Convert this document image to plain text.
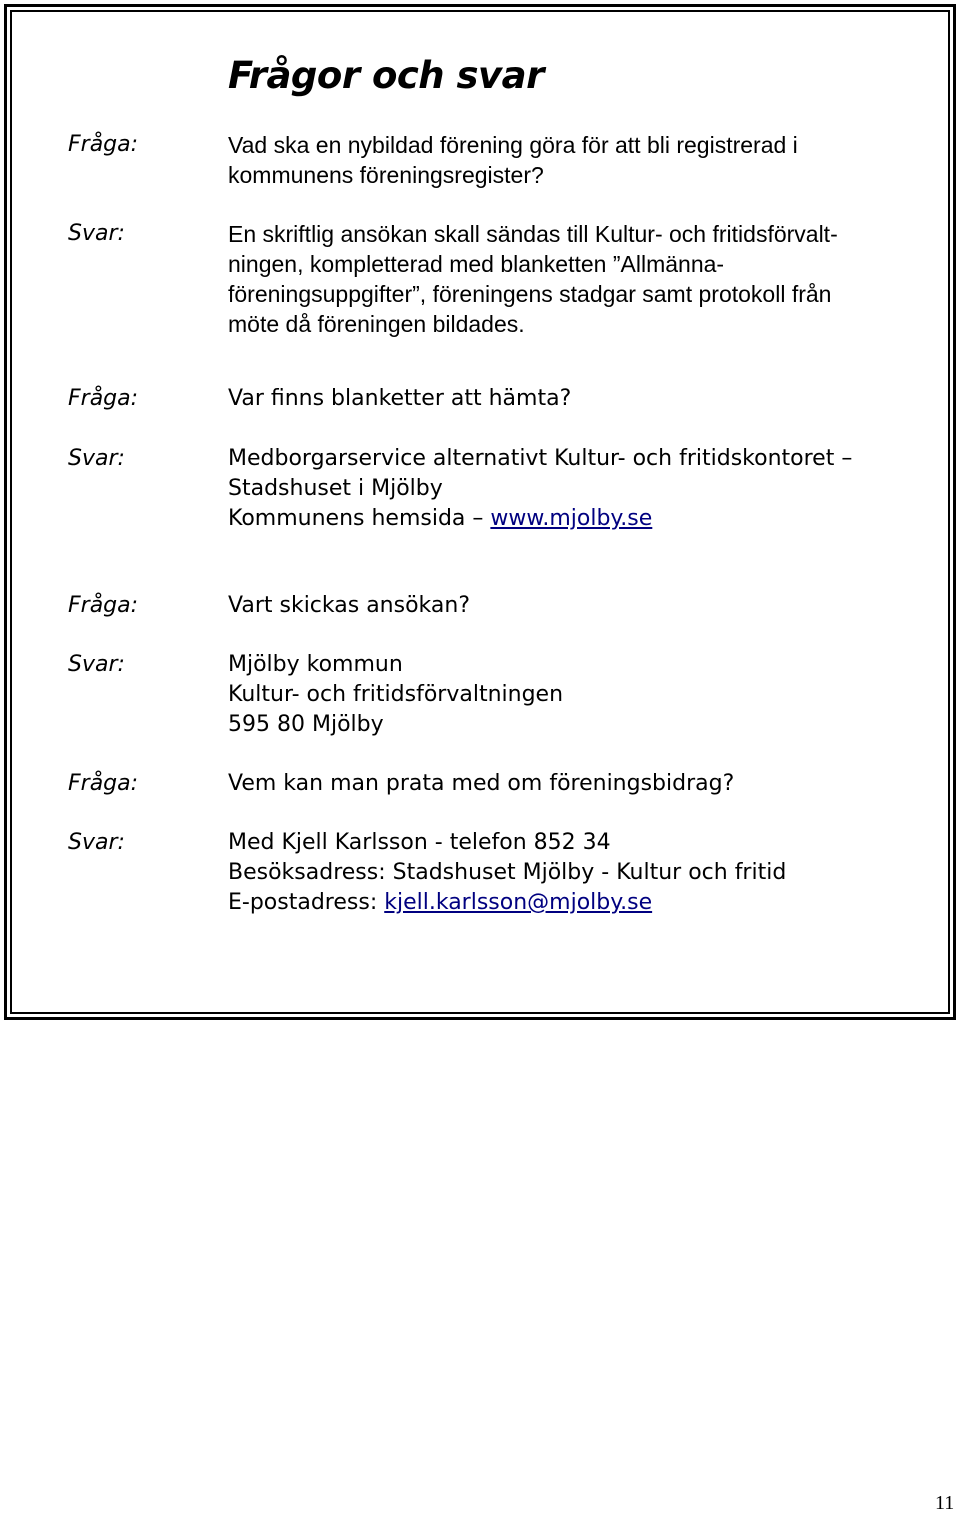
Frågor och svar
Fråga:	Vad ska en nybildad förening göra för att bli registrerad i
kommunens föreningsregister?
Svar:	En skriftlig ansökan skall sändas till Kultur- och fritidsförvalt-
ningen, kompletterad med blanketten ”Allmänna-
föreningsuppgifter”, föreningens stadgar samt protokoll från
möte då föreningen bildades.
Fråga:	Var finns blanketter att hämta?
Svar:	Medborgarservice alternativt Kultur- och fritidskontoret –
Stadshuset i Mjölby
Kommunens hemsida – www.mjolby.se
Fråga:	Vart skickas ansökan?
Svar:	Mjölby kommun
Kultur- och fritidsförvaltningen
595 80 Mjölby
Fråga:	Vem kan man prata med om föreningsbidrag?
Svar:	Med Kjell Karlsson - telefon 852 34
Besöksadress: Stadshuset Mjölby - Kultur och fritid
E-postadress: kjell.karlsson@mjolby.se
11
